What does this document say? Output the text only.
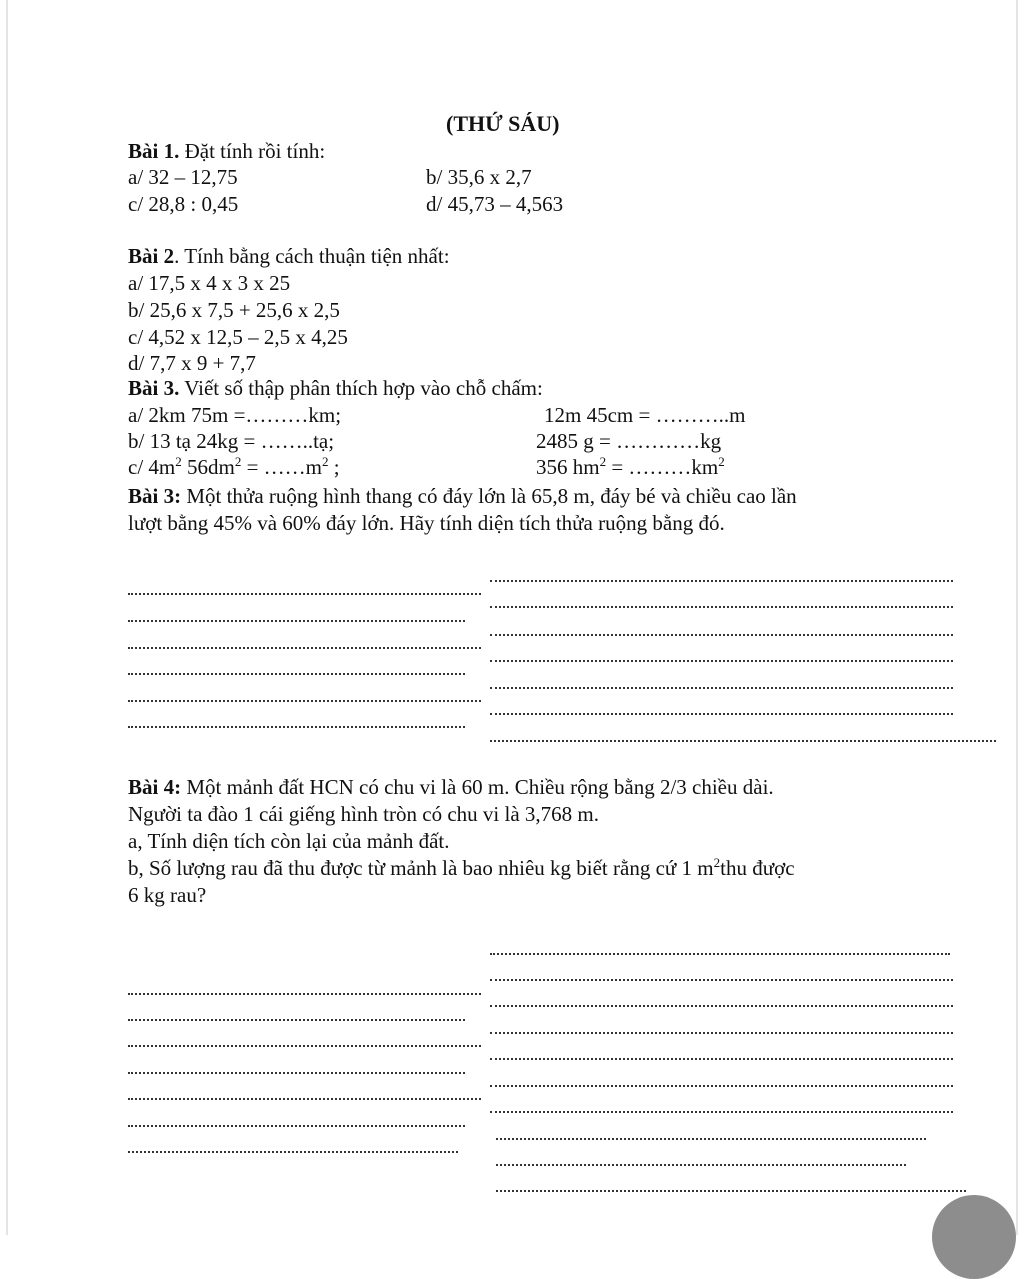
(THỨ SÁU)
Bài 1. Đặt tính rồi tính:
a/ 32 – 12,75	b/ 35,6 x 2,7
c/ 28,8 : 0,45	d/ 45,73 – 4,563
Bài 2. Tính bằng cách thuận tiện nhất:
a/ 17,5 x 4 x 3 x 25
b/ 25,6 x 7,5 + 25,6 x 2,5
c/ 4,52 x 12,5 – 2,5 x 4,25
d/ 7,7 x 9 + 7,7
Bài 3. Viết số thập phân thích hợp vào chỗ chấm:
a/ 2km 75m =………km;	12m 45cm = ………..m
b/ 13 tạ 24kg = ……..tạ;	2485 g = …………kg
c/ $4m^2$ $56dm^2$ = $\dots\dots m^2$ ;	356 $hm^2$ = $\dots\dots\dots km^2$
Bài 3: Một thửa ruộng hình thang có đáy lớn là 65,8 m, đáy bé và chiều cao lần
lượt bằng 45% và 60% đáy lớn. Hãy tính diện tích thửa ruộng bằng đó.
Bài 4: Một mảnh đất HCN có chu vi là 60 m. Chiều rộng bằng 2/3 chiều dài.
Người ta đào 1 cái giếng hình tròn có chu vi là 3,768 m.
a, Tính diện tích còn lại của mảnh đất.
b, Số lượng rau đã thu được từ mảnh là bao nhiêu kg biết rằng cứ 1 $m^2thu$ được
6 kg rau?
